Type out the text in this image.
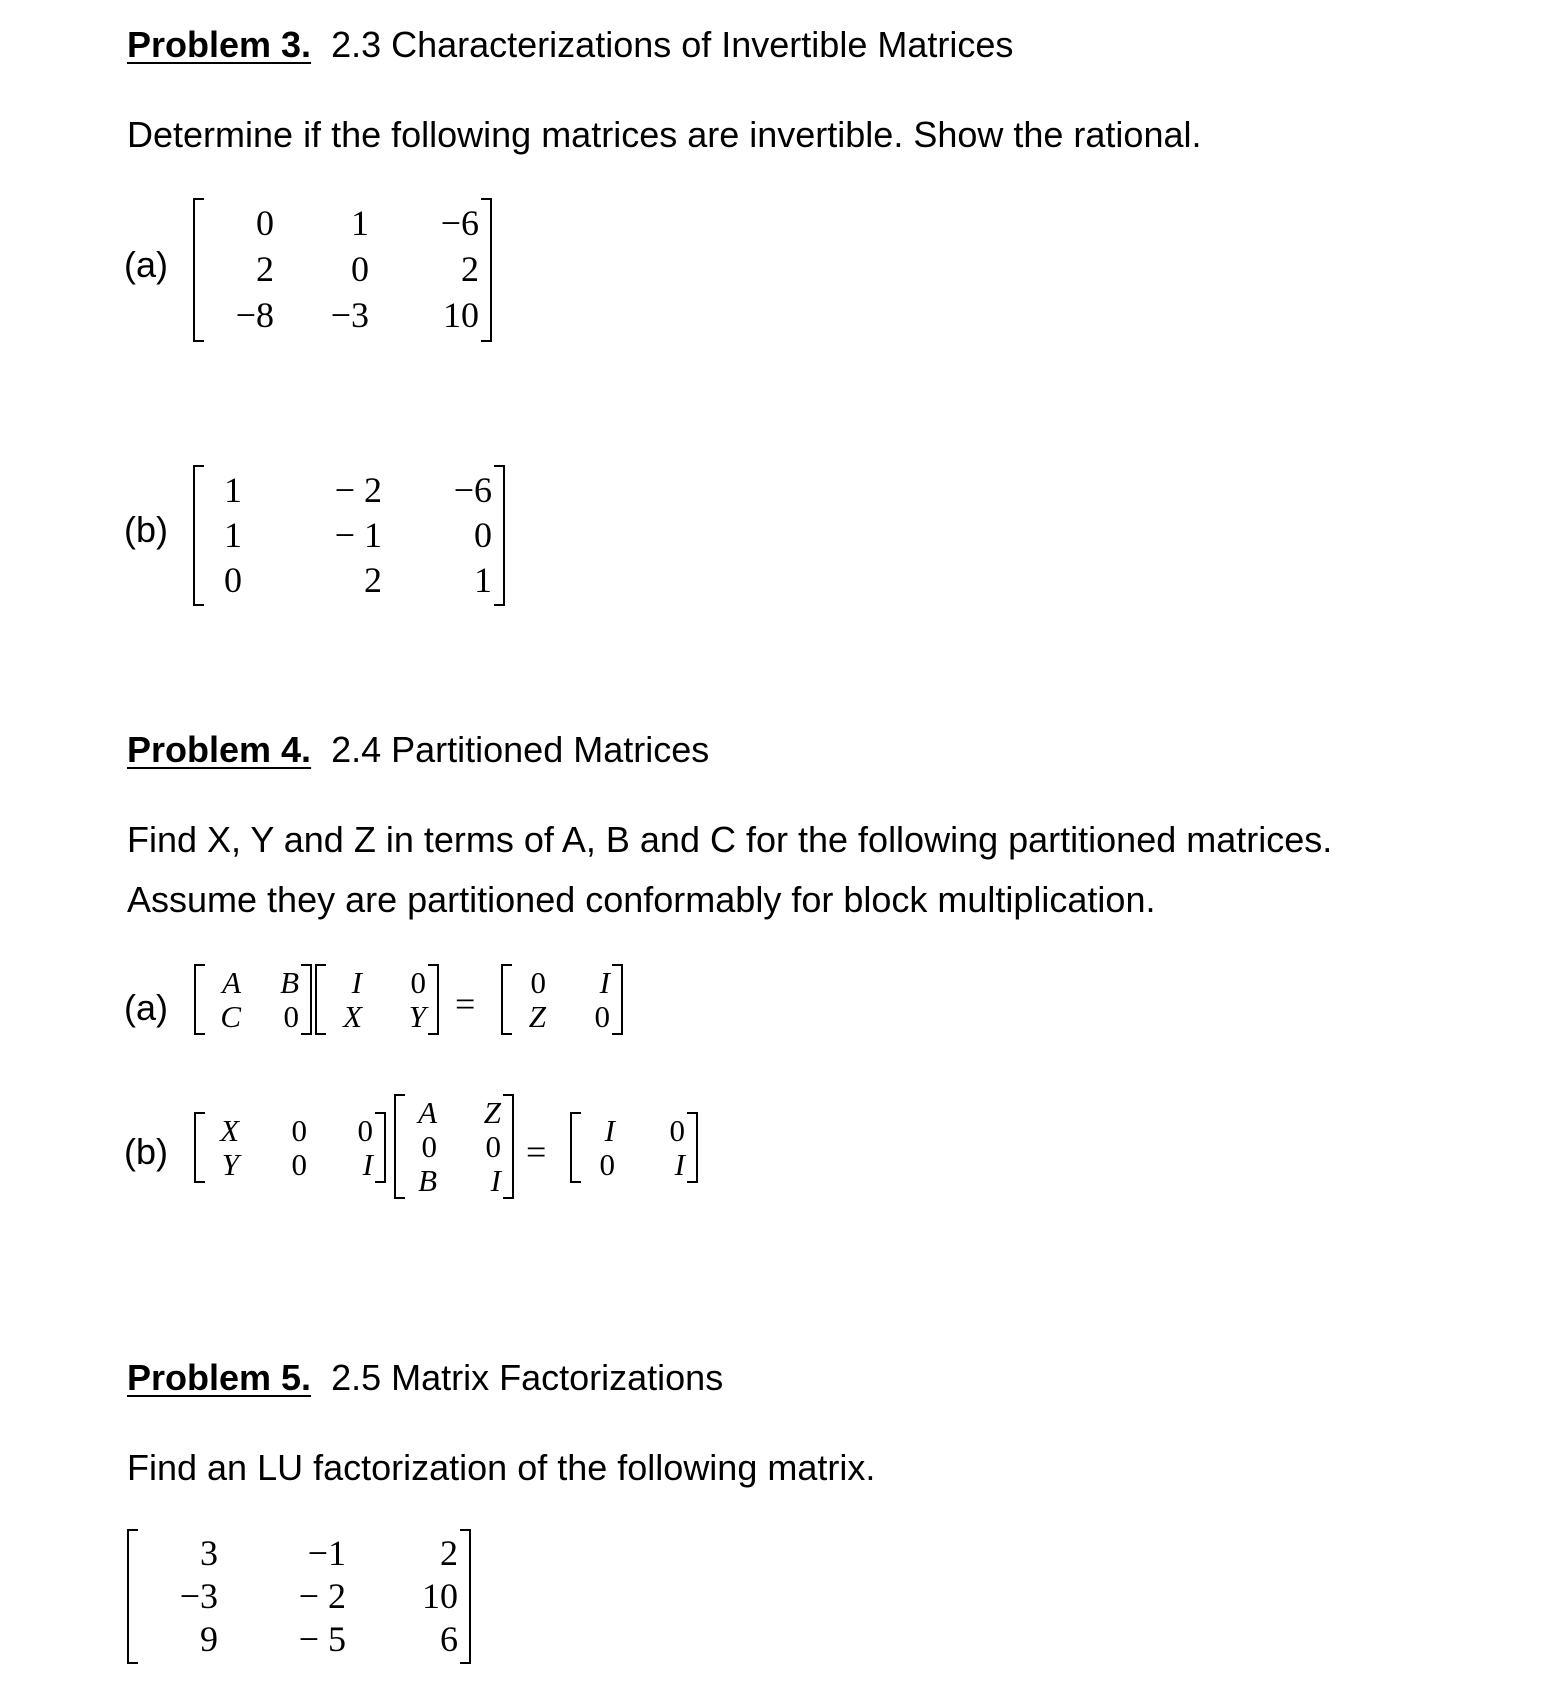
Problem 3. 2.3 Characterizations of Invertible Matrices
Determine if the following matrices are invertible. Show the rational.
(a)
0	1	−6
2	0	2
−8	−3	10
(b)
1	− 2	−6
1	− 1	0
0	2	1
Problem 4. 2.4 Partitioned Matrices
Find X, Y and Z in terms of A, B and C for the following partitioned matrices.
Assume they are partitioned conformably for block multiplication.
(a)
A	B
C	0
I	0
X	Y =
0	I
Z	0
(b)
X	0	0
Y	0	I
A	Z
0	0
B	I
=
I	0
0	I
Problem 5. 2.5 Matrix Factorizations
Find an LU factorization of the following matrix.
3	−1	2
−3	− 2	10
9	− 5	6
